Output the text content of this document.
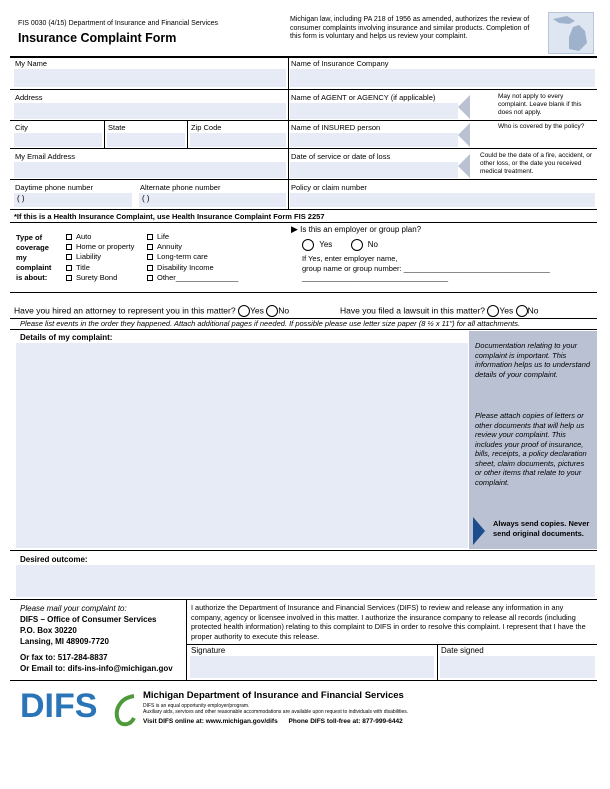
FIS 0030 (4/15) Department of Insurance and Financial Services
Insurance Complaint Form
Michigan law, including PA 218 of 1956 as amended, authorizes the review of consumer complaints involving insurance and similar products. Completion of this form is voluntary and helps us review your complaint.
My Name	Name of Insurance Company
Address	Name of AGENT or AGENCY (if applicable)	May not apply to every complaint. Leave blank if this does not apply.
City	State	Zip Code	Name of INSURED person	Who is covered by the policy?
My Email Address	Date of service or date of loss	Could be the date of a fire, accident, or other loss, or the date you received medical treatment.
Daytime phone number
( )
Alternate phone number
( )
Policy or claim number
*If this is a Health Insurance Complaint, use Health Insurance Complaint Form FIS 2257
Type of
coverage
my
complaint
is about:
Auto
Home or property
Liability
Title
Surety Bond
Life
Annuity
Long-term care
Disability Income
Other_______________
▶ Is this an employer or group plan?
Yes	No
If Yes, enter employer name,
group name or group number: ___________________________________
___________________________________
Have you hired an attorney to represent you in this matter? Yes No	Have you filed a lawsuit in this matter? Yes No
Please list events in the order they happened. Attach additional pages if needed. If possible please use letter size paper (8 ½ x 11") for all attachments.
Details of my complaint:
Documentation relating to your complaint is important. This information helps us to understand details of your complaint.
Please attach copies of letters or other documents that will help us review your complaint. This includes your proof of insurance, bills, receipts, a policy declaration sheet, claim documents, pictures or other items that relate to your complaint.
Always send copies. Never send original documents.
Desired outcome:
Please mail your complaint to:
DIFS – Office of Consumer Services
P.O. Box 30220
Lansing, MI 48909-7720
Or fax to: 517-284-8837
Or Email to: difs-ins-info@michigan.gov
I authorize the Department of Insurance and Financial Services (DIFS) to review and release any information in any company, agency or licensee involved in this matter. I authorize the insurance company to release all records (including protected health information) relating to this complaint to DIFS in order to resolve this complaint. I represent that I have the proper authority to execute this release.
Signature	Date signed
DIFS	Michigan Department of Insurance and Financial Services
DIFS is an equal opportunity employer/program.
Auxiliary aids, services and other reasonable accommodations are available upon request to individuals with disabilities.
Visit DIFS online at: www.michigan.gov/difs      Phone DIFS toll-free at: 877-999-6442
